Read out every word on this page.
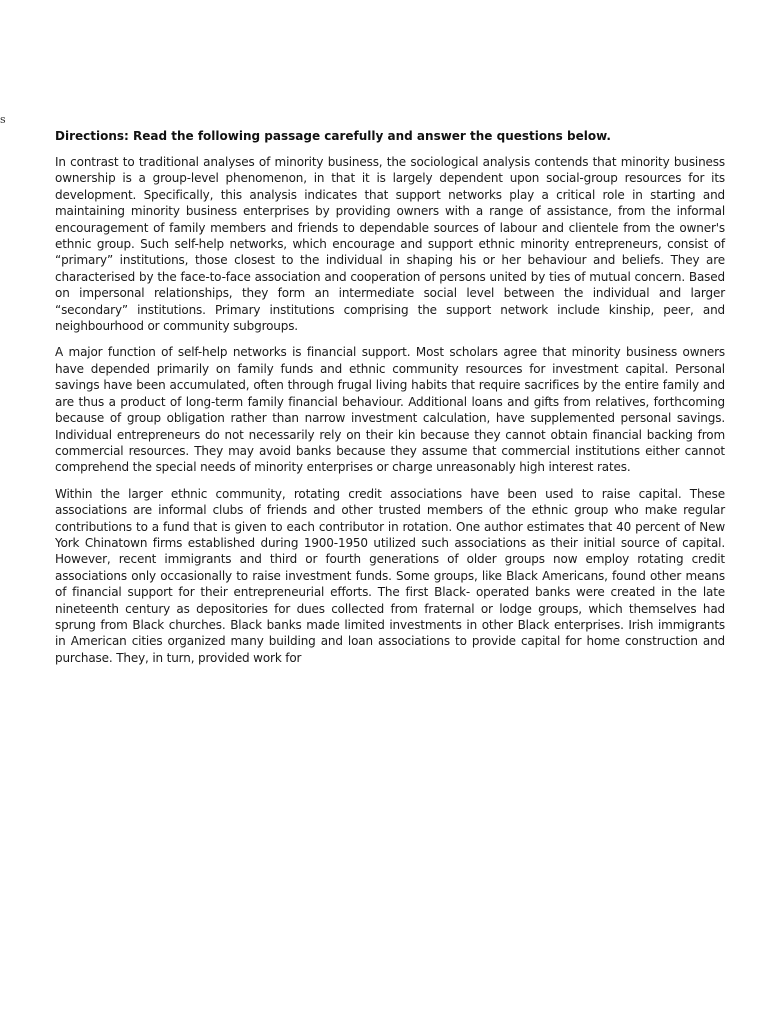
s

Directions: Read the following passage carefully and answer the questions below.

In contrast to traditional analyses of minority business, the sociological analysis contends that minority business ownership is a group-level phenomenon, in that it is largely dependent upon social-group resources for its development. Specifically, this analysis indicates that support networks play a critical role in starting and maintaining minority business enterprises by providing owners with a range of assistance, from the informal encouragement of family members and friends to dependable sources of labour and clientele from the owner's ethnic group. Such self-help networks, which encourage and support ethnic minority entrepreneurs, consist of “primary” institutions, those closest to the individual in shaping his or her behaviour and beliefs. They are characterised by the face-to-face association and cooperation of persons united by ties of mutual concern. Based on impersonal relationships, they form an intermediate social level between the individual and larger “secondary” institutions. Primary institutions comprising the support network include kinship, peer, and neighbourhood or community subgroups.

A major function of self-help networks is financial support. Most scholars agree that minority business owners have depended primarily on family funds and ethnic community resources for investment capital. Personal savings have been accumulated, often through frugal living habits that require sacrifices by the entire family and are thus a product of long-term family financial behaviour. Additional loans and gifts from relatives, forthcoming because of group obligation rather than narrow investment calculation, have supplemented personal savings. Individual entrepreneurs do not necessarily rely on their kin because they cannot obtain financial backing from commercial resources. They may avoid banks because they assume that commercial institutions either cannot comprehend the special needs of minority enterprises or charge unreasonably high interest rates.

Within the larger ethnic community, rotating credit associations have been used to raise capital. These associations are informal clubs of friends and other trusted members of the ethnic group who make regular contributions to a fund that is given to each contributor in rotation. One author estimates that 40 percent of New York Chinatown firms established during 1900-1950 utilized such associations as their initial source of capital. However, recent immigrants and third or fourth generations of older groups now employ rotating credit associations only occasionally to raise investment funds. Some groups, like Black Americans, found other means of financial support for their entrepreneurial efforts. The first Black- operated banks were created in the late nineteenth century as depositories for dues collected from fraternal or lodge groups, which themselves had sprung from Black churches. Black banks made limited investments in other Black enterprises. Irish immigrants in American cities organized many building and loan associations to provide capital for home construction and purchase. They, in turn, provided work for
